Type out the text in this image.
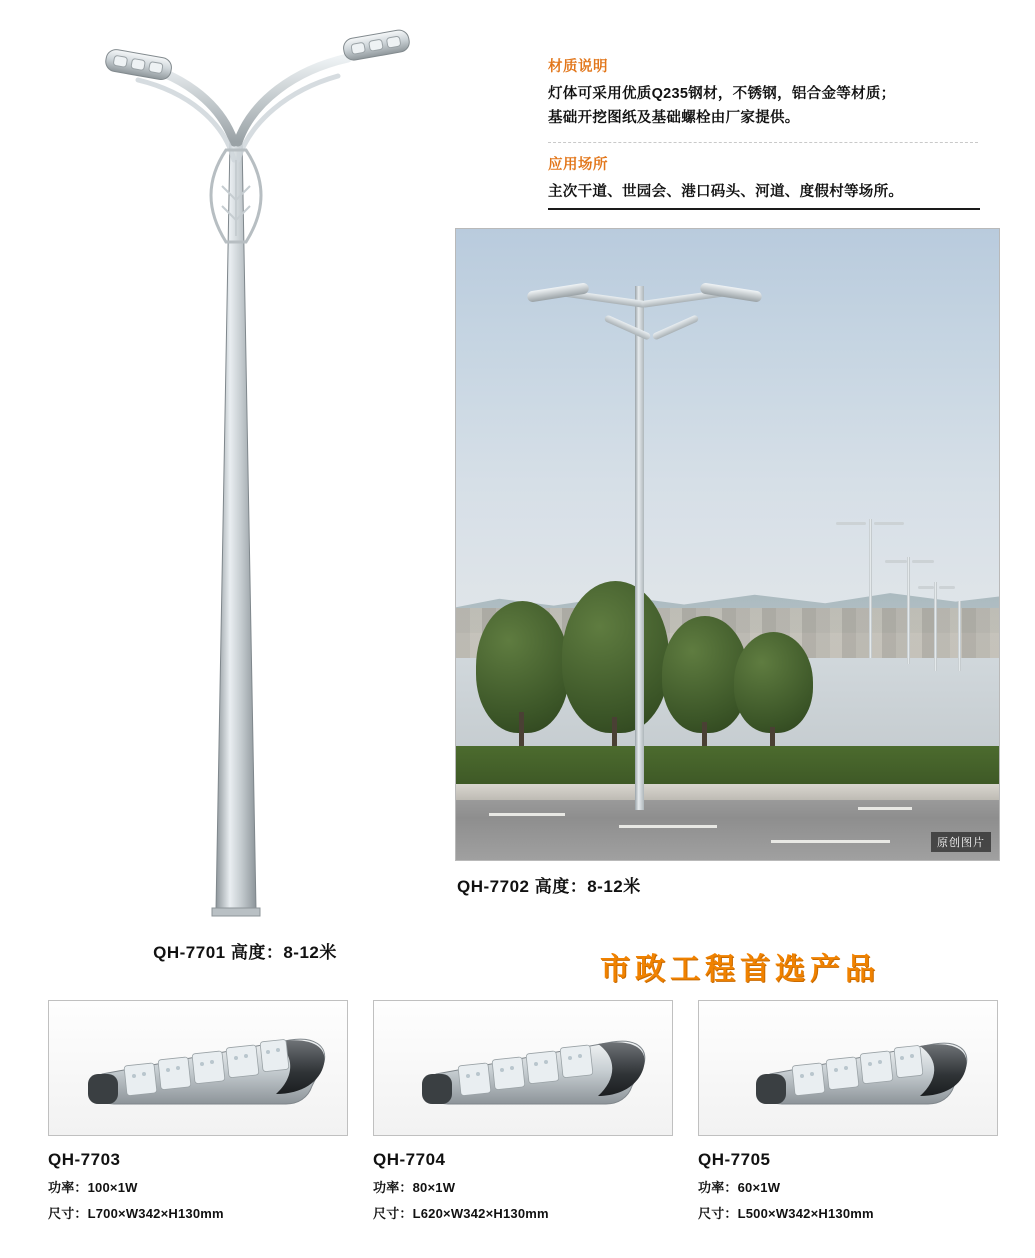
QH-7701 高度：8-12米
材质说明
灯体可采用优质Q235钢材，不锈钢，铝合金等材质；
基础开挖图纸及基础螺栓由厂家提供。
应用场所
主次干道、世园会、港口码头、河道、度假村等场所。
原创图片
QH-7702 高度：8-12米
市政工程首选产品
QH-7703
功率：100×1W
尺寸：L700×W342×H130mm
QH-7704
功率：80×1W
尺寸：L620×W342×H130mm
QH-7705
功率：60×1W
尺寸：L500×W342×H130mm
